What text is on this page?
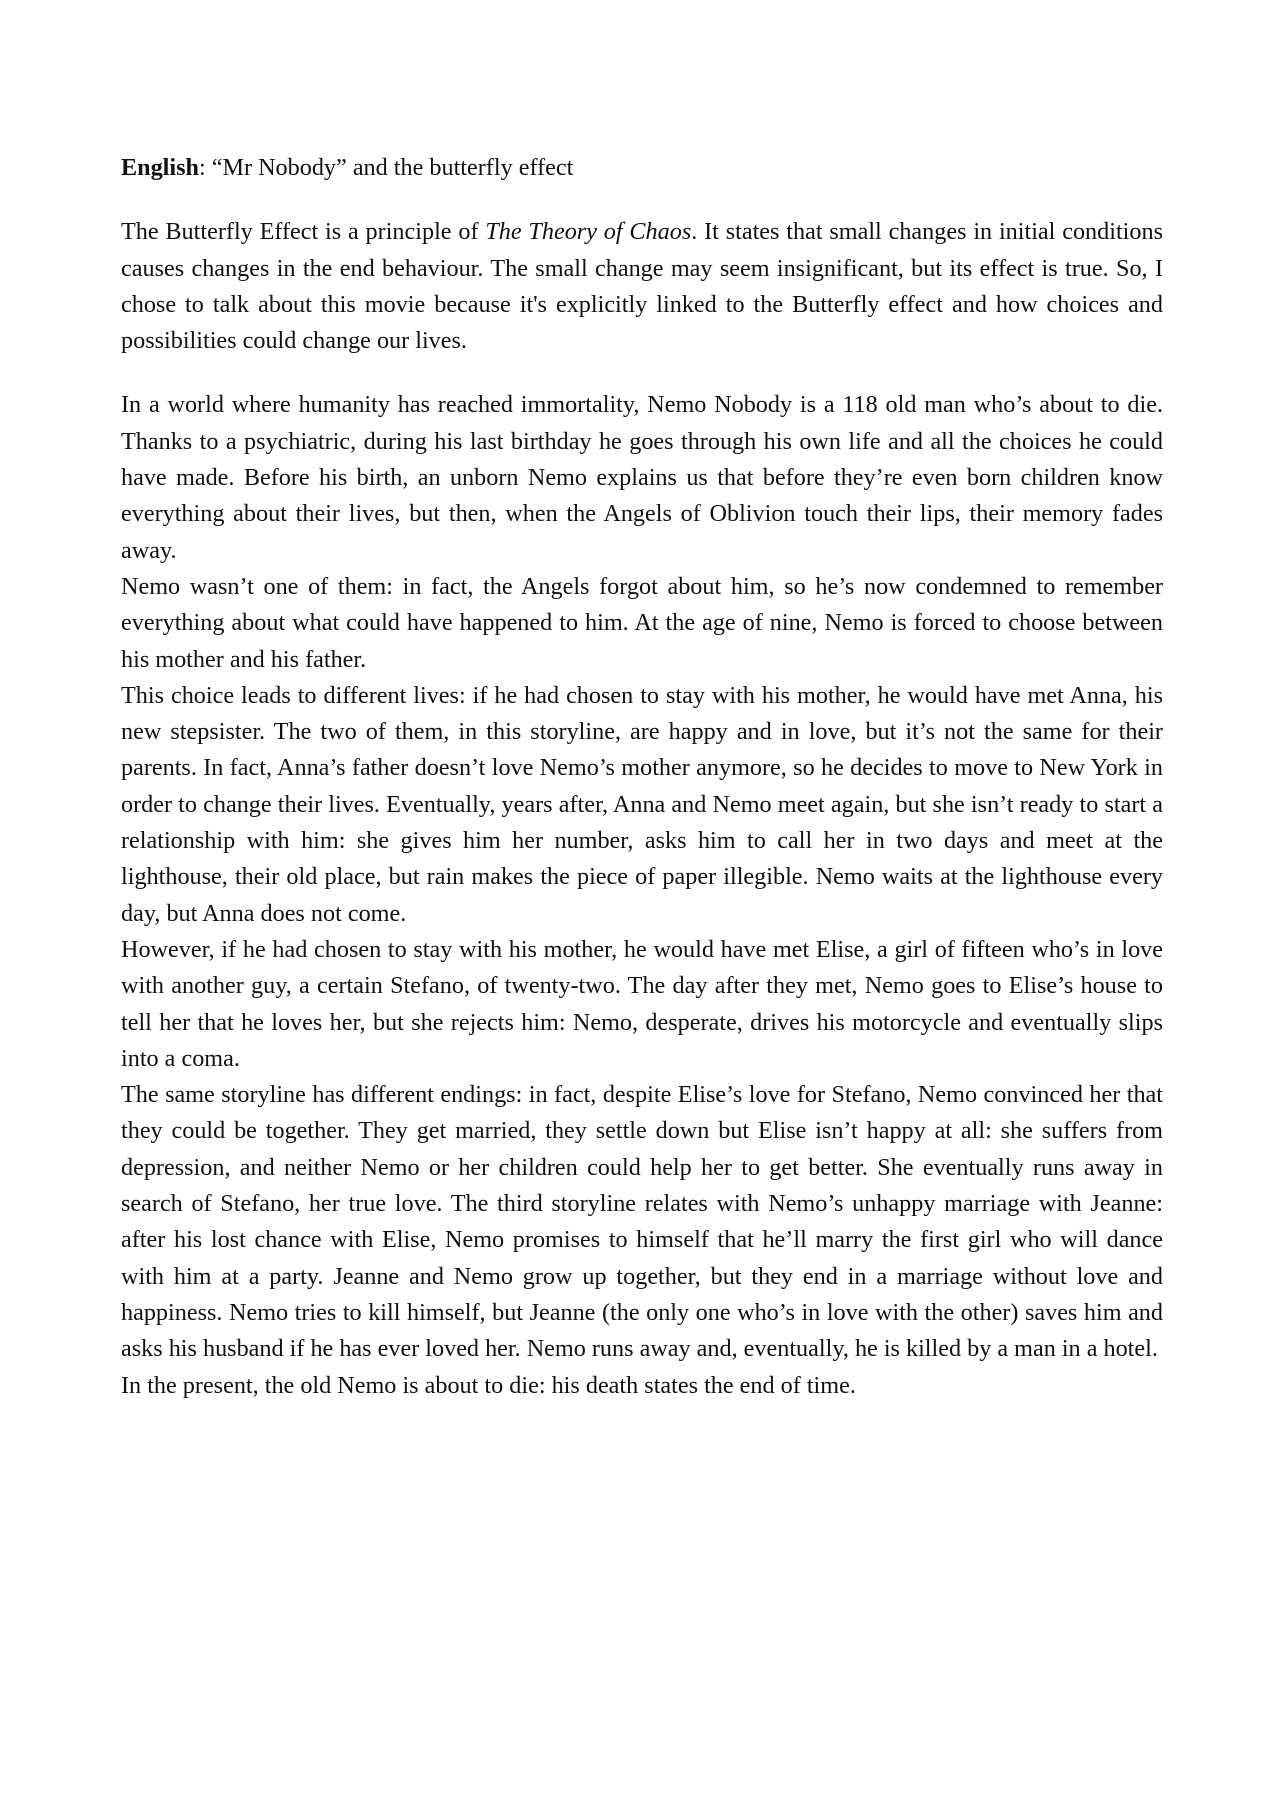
English: “Mr Nobody” and the butterfly effect

The Butterfly Effect is a principle of The Theory of Chaos. It states that small changes in initial conditions causes changes in the end behaviour. The small change may seem insignificant, but its effect is true. So, I chose to talk about this movie because it's explicitly linked to the Butterfly effect and how choices and possibilities could change our lives.

In a world where humanity has reached immortality, Nemo Nobody is a 118 old man who’s about to die. Thanks to a psychiatric, during his last birthday he goes through his own life and all the choices he could have made. Before his birth, an unborn Nemo explains us that before they’re even born children know everything about their lives, but then, when the Angels of Oblivion touch their lips, their memory fades away.

Nemo wasn’t one of them: in fact, the Angels forgot about him, so he’s now condemned to remember everything about what could have happened to him. At the age of nine, Nemo is forced to choose between his mother and his father.

This choice leads to different lives: if he had chosen to stay with his mother, he would have met Anna, his new stepsister. The two of them, in this storyline, are happy and in love, but it’s not the same for their parents. In fact, Anna’s father doesn’t love Nemo’s mother anymore, so he decides to move to New York in order to change their lives. Eventually, years after, Anna and Nemo meet again, but she isn’t ready to start a relationship with him: she gives him her number, asks him to call her in two days and meet at the lighthouse, their old place, but rain makes the piece of paper illegible. Nemo waits at the lighthouse every day, but Anna does not come.

However, if he had chosen to stay with his mother, he would have met Elise, a girl of fifteen who’s in love with another guy, a certain Stefano, of twenty-two. The day after they met, Nemo goes to Elise’s house to tell her that he loves her, but she rejects him: Nemo, desperate, drives his motorcycle and eventually slips into a coma.

The same storyline has different endings: in fact, despite Elise’s love for Stefano, Nemo convinced her that they could be together. They get married, they settle down but Elise isn’t happy at all: she suffers from depression, and neither Nemo or her children could help her to get better. She eventually runs away in search of Stefano, her true love. The third storyline relates with Nemo’s unhappy marriage with Jeanne: after his lost chance with Elise, Nemo promises to himself that he’ll marry the first girl who will dance with him at a party. Jeanne and Nemo grow up together, but they end in a marriage without love and happiness. Nemo tries to kill himself, but Jeanne (the only one who’s in love with the other) saves him and asks his husband if he has ever loved her. Nemo runs away and, eventually, he is killed by a man in a hotel.

In the present, the old Nemo is about to die: his death states the end of time.
